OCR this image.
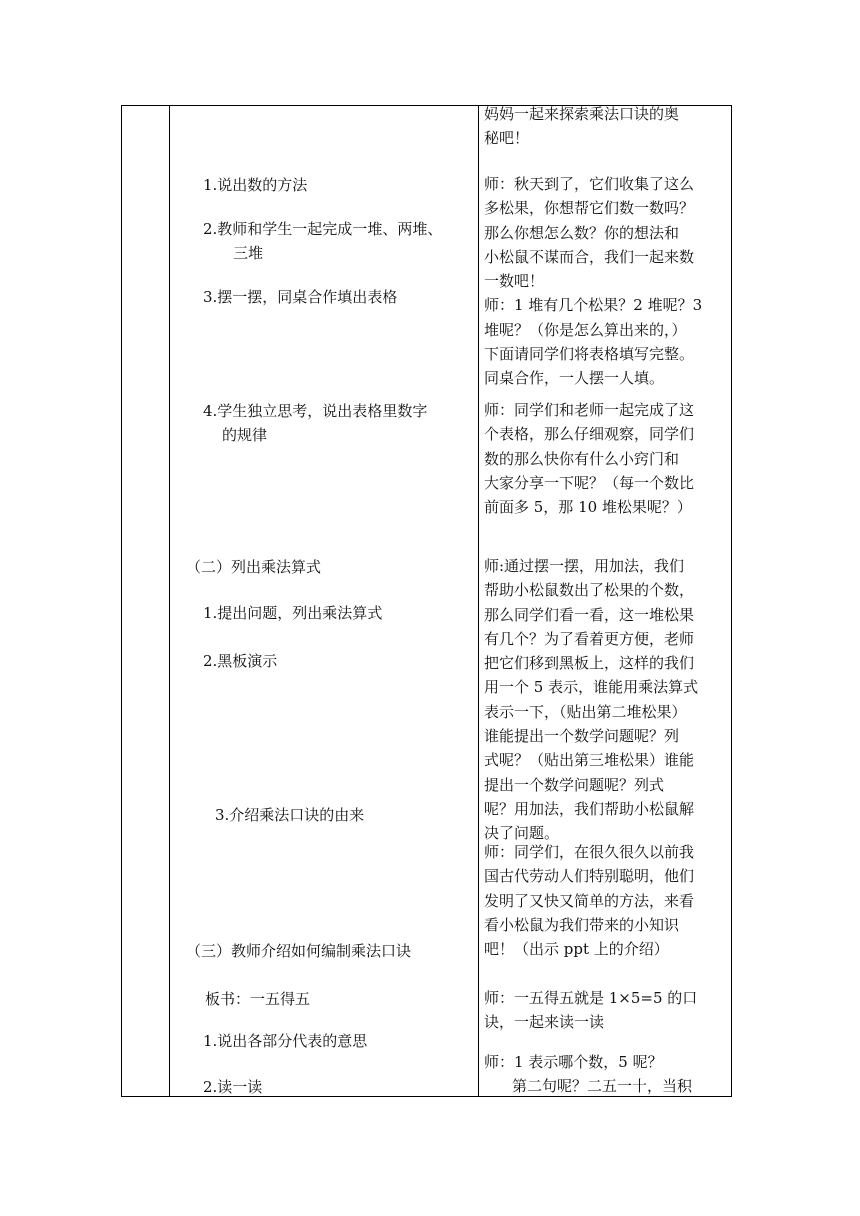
1.说出数的方法
2.教师和学生一起完成一堆、两堆、
三堆
3.摆一摆，同桌合作填出表格
4.学生独立思考，说出表格里数字
的规律
（二）列出乘法算式
1.提出问题，列出乘法算式
2.黑板演示
3.介绍乘法口诀的由来
（三）教师介绍如何编制乘法口诀
板书：一五得五
1.说出各部分代表的意思
2.读一读

妈妈一起来探索乘法口诀的奥

秘吧！

师：秋天到了，它们收集了这么

多松果，你想帮它们数一数吗？

那么你想怎么数？你的想法和

小松鼠不谋而合，我们一起来数

一数吧！

师：1 堆有几个松果？2 堆呢？3

堆呢？（你是怎么算出来的，）

下面请同学们将表格填写完整。

同桌合作，一人摆一人填。

师：同学们和老师一起完成了这

个表格，那么仔细观察，同学们

数的那么快你有什么小窍门和

大家分享一下呢？（每一个数比

前面多 5，那 10 堆松果呢？）

师:通过摆一摆，用加法，我们

帮助小松鼠数出了松果的个数，

那么同学们看一看，这一堆松果

有几个？为了看着更方便，老师

把它们移到黑板上，这样的我们

用一个 5 表示，谁能用乘法算式

表示一下，（贴出第二堆松果）

谁能提出一个数学问题呢？列

式呢？（贴出第三堆松果）谁能

提出一个数学问题呢？列式

呢？用加法，我们帮助小松鼠解

决了问题。

师：同学们，在很久很久以前我

国古代劳动人们特别聪明，他们

发明了又快又简单的方法，来看

看小松鼠为我们带来的小知识

吧！（出示 ppt 上的介绍）

师：一五得五就是 1×5=5 的口

诀，一起来读一读

师：1 表示哪个数，5 呢？

第二句呢？二五一十，当积
